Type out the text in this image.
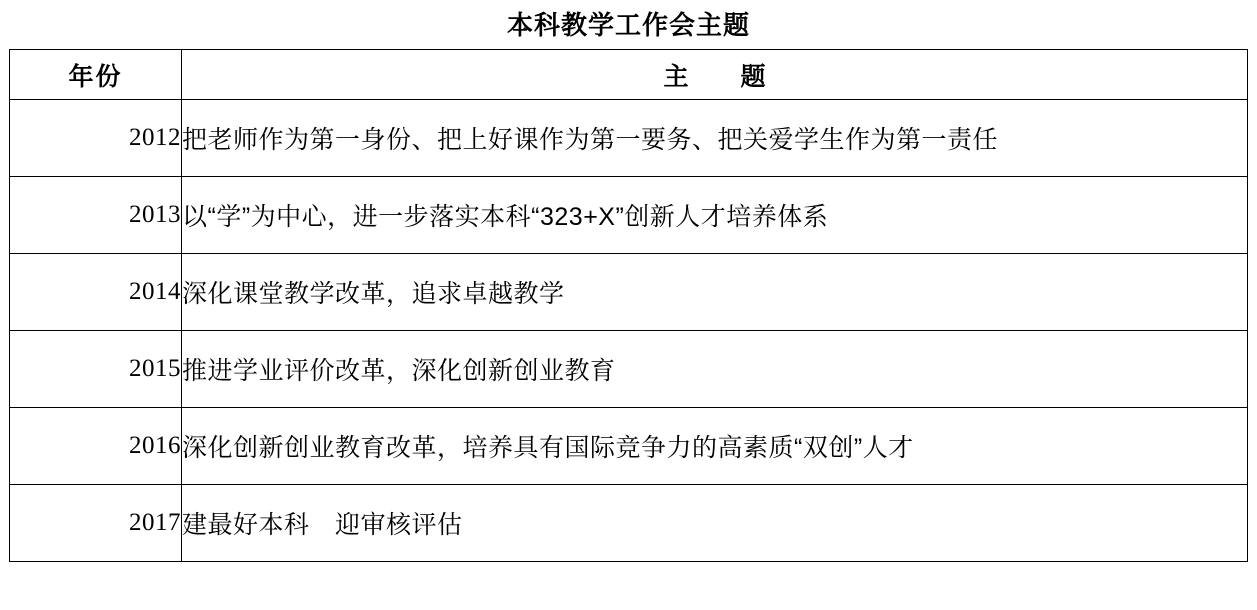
本科教学工作会主题
年份	主 题
2012	把老师作为第一身份、把上好课作为第一要务、把关爱学生作为第一责任
2013	以“学”为中心，进一步落实本科“323+X”创新人才培养体系
2014	深化课堂教学改革，追求卓越教学
2015	推进学业评价改革，深化创新创业教育
2016	深化创新创业教育改革，培养具有国际竞争力的高素质“双创”人才
2017	建最好本科　迎审核评估
